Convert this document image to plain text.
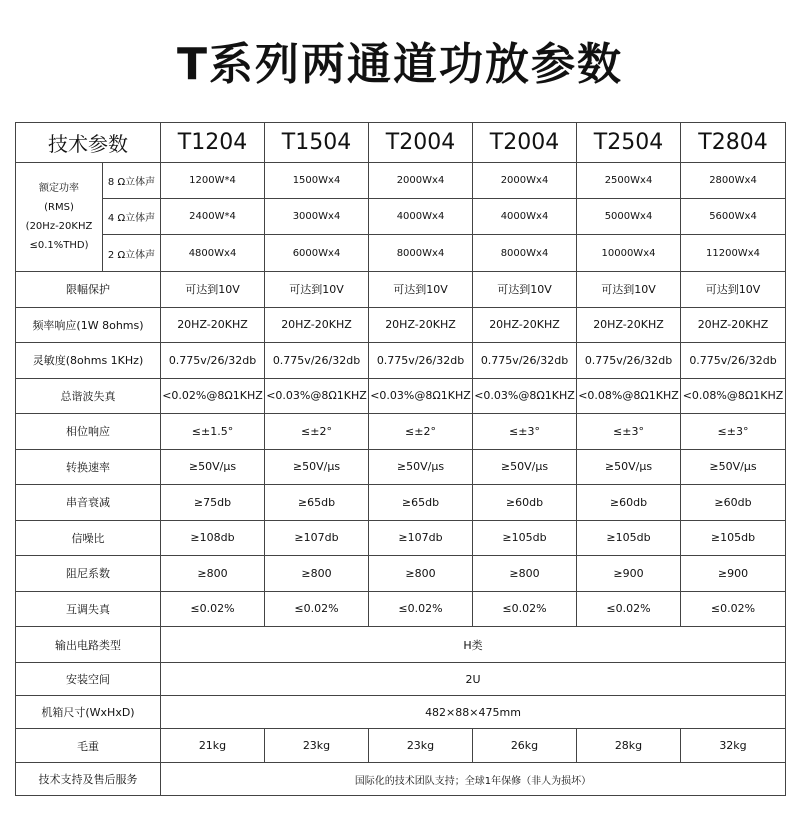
T系列两通道功放参数
技术参数		T1204	T1504	T2004	T2004	T2504	T2804

额定功率
(RMS)
(20Hz-20KHZ
≤0.1%THD)	8 Ω立体声	1200W*4	1500Wx4	2000Wx4	2000Wx4	2500Wx4	2800Wx4
	4 Ω立体声	2400W*4	3000Wx4	4000Wx4	4000Wx4	5000Wx4	5600Wx4
	2 Ω立体声	4800Wx4	6000Wx4	8000Wx4	8000Wx4	10000Wx4	11200Wx4
限幅保护		可达到10V	可达到10V	可达到10V	可达到10V	可达到10V	可达到10V
频率响应(1W 8ohms)		20HZ-20KHZ	20HZ-20KHZ	20HZ-20KHZ	20HZ-20KHZ	20HZ-20KHZ	20HZ-20KHZ
灵敏度(8ohms 1KHz)		0.775v/26/32db	0.775v/26/32db	0.775v/26/32db	0.775v/26/32db	0.775v/26/32db	0.775v/26/32db
总谐波失真		<0.02%@8Ω1KHZ	<0.03%@8Ω1KHZ	<0.03%@8Ω1KHZ	<0.03%@8Ω1KHZ	<0.08%@8Ω1KHZ	<0.08%@8Ω1KHZ
相位响应		≤±1.5°	≤±2°	≤±2°	≤±3°	≤±3°	≤±3°
转换速率		≥50V/μs	≥50V/μs	≥50V/μs	≥50V/μs	≥50V/μs	≥50V/μs
串音衰减		≥75db	≥65db	≥65db	≥60db	≥60db	≥60db
信噪比		≥108db	≥107db	≥107db	≥105db	≥105db	≥105db
阻尼系数		≥800	≥800	≥800	≥800	≥900	≥900
互调失真		≤0.02%	≤0.02%	≤0.02%	≤0.02%	≤0.02%	≤0.02%
输出电路类型		H类					
安装空间		2U					
机箱尺寸(WxHxD)		482×88×475mm					
毛重		21kg	23kg	23kg	26kg	28kg	32kg
技术支持及售后服务		国际化的技术团队支持；全球1年保修（非人为损坏）					
